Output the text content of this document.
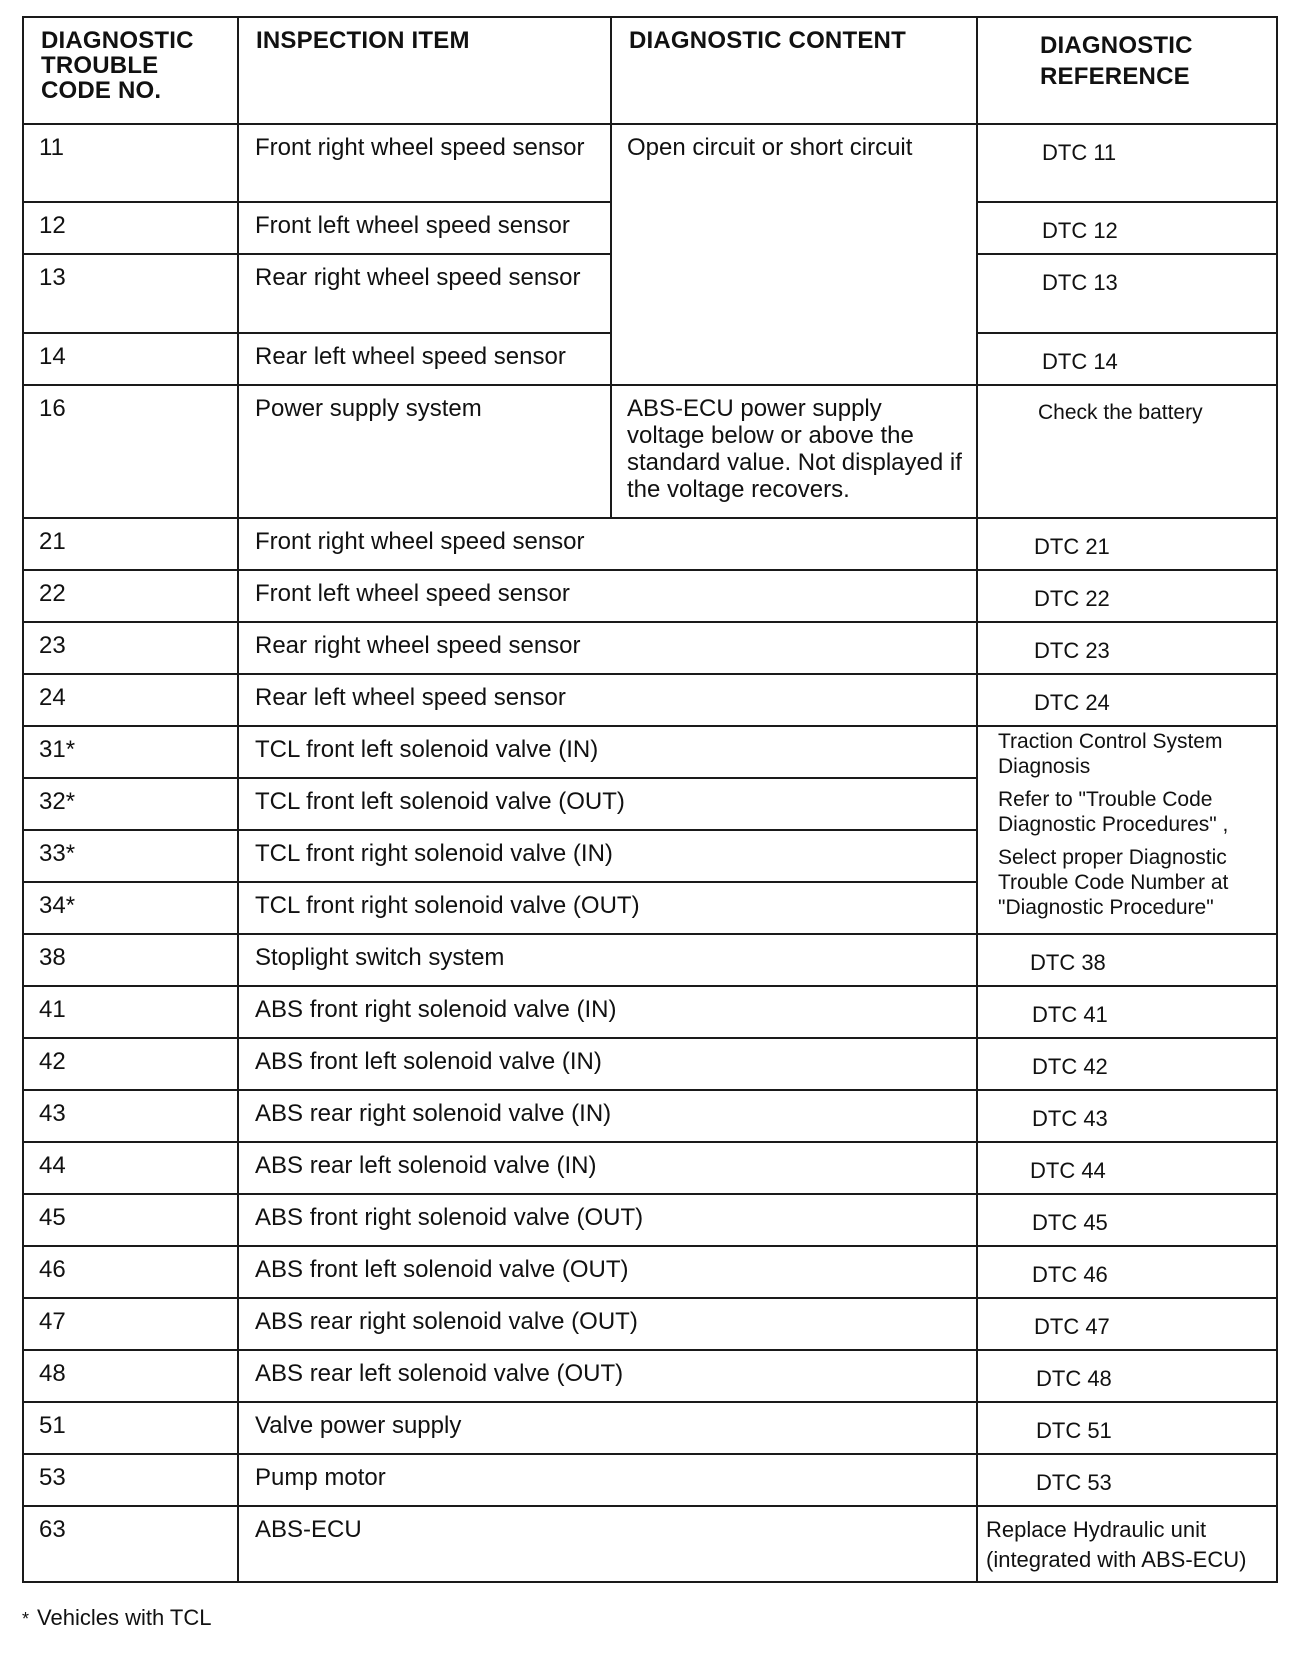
DIAGNOSTIC TROUBLE CODE NO.	INSPECTION ITEM	DIAGNOSTIC CONTENT	DIAGNOSTIC REFERENCE

11	Front right wheel speed sensor	Open circuit or short circuit	DTC 11

12	Front left wheel speed sensor		DTC 12

13	Rear right wheel speed sensor		DTC 13

14	Rear left wheel speed sensor		DTC 14

16	Power supply system	ABS-ECU power supply voltage below or above the standard value. Not displayed if the voltage recovers.	Check the battery

21	Front right wheel speed sensor		DTC 21

22	Front left wheel speed sensor		DTC 22

23	Rear right wheel speed sensor		DTC 23

24	Rear left wheel speed sensor		DTC 24

31*	TCL front left solenoid valve (IN)		Traction Control System Diagnosis
Refer to "Trouble Code Diagnostic Procedures" ,
Select proper Diagnostic Trouble Code Number at "Diagnostic Procedure"

32*	TCL front left solenoid valve (OUT)		

33*	TCL front right solenoid valve (IN)		

34*	TCL front right solenoid valve (OUT)		

38	Stoplight switch system		DTC 38

41	ABS front right solenoid valve (IN)		DTC 41

42	ABS front left solenoid valve (IN)		DTC 42

43	ABS rear right solenoid valve (IN)		DTC 43

44	ABS rear left solenoid valve (IN)		DTC 44

45	ABS front right solenoid valve (OUT)		DTC 45

46	ABS front left solenoid valve (OUT)		DTC 46

47	ABS rear right solenoid valve (OUT)		DTC 47

48	ABS rear left solenoid valve (OUT)		DTC 48

51	Valve power supply		DTC 51

53	Pump motor		DTC 53

63	ABS-ECU		Replace Hydraulic unit (integrated with ABS-ECU)
* Vehicles with TCL
